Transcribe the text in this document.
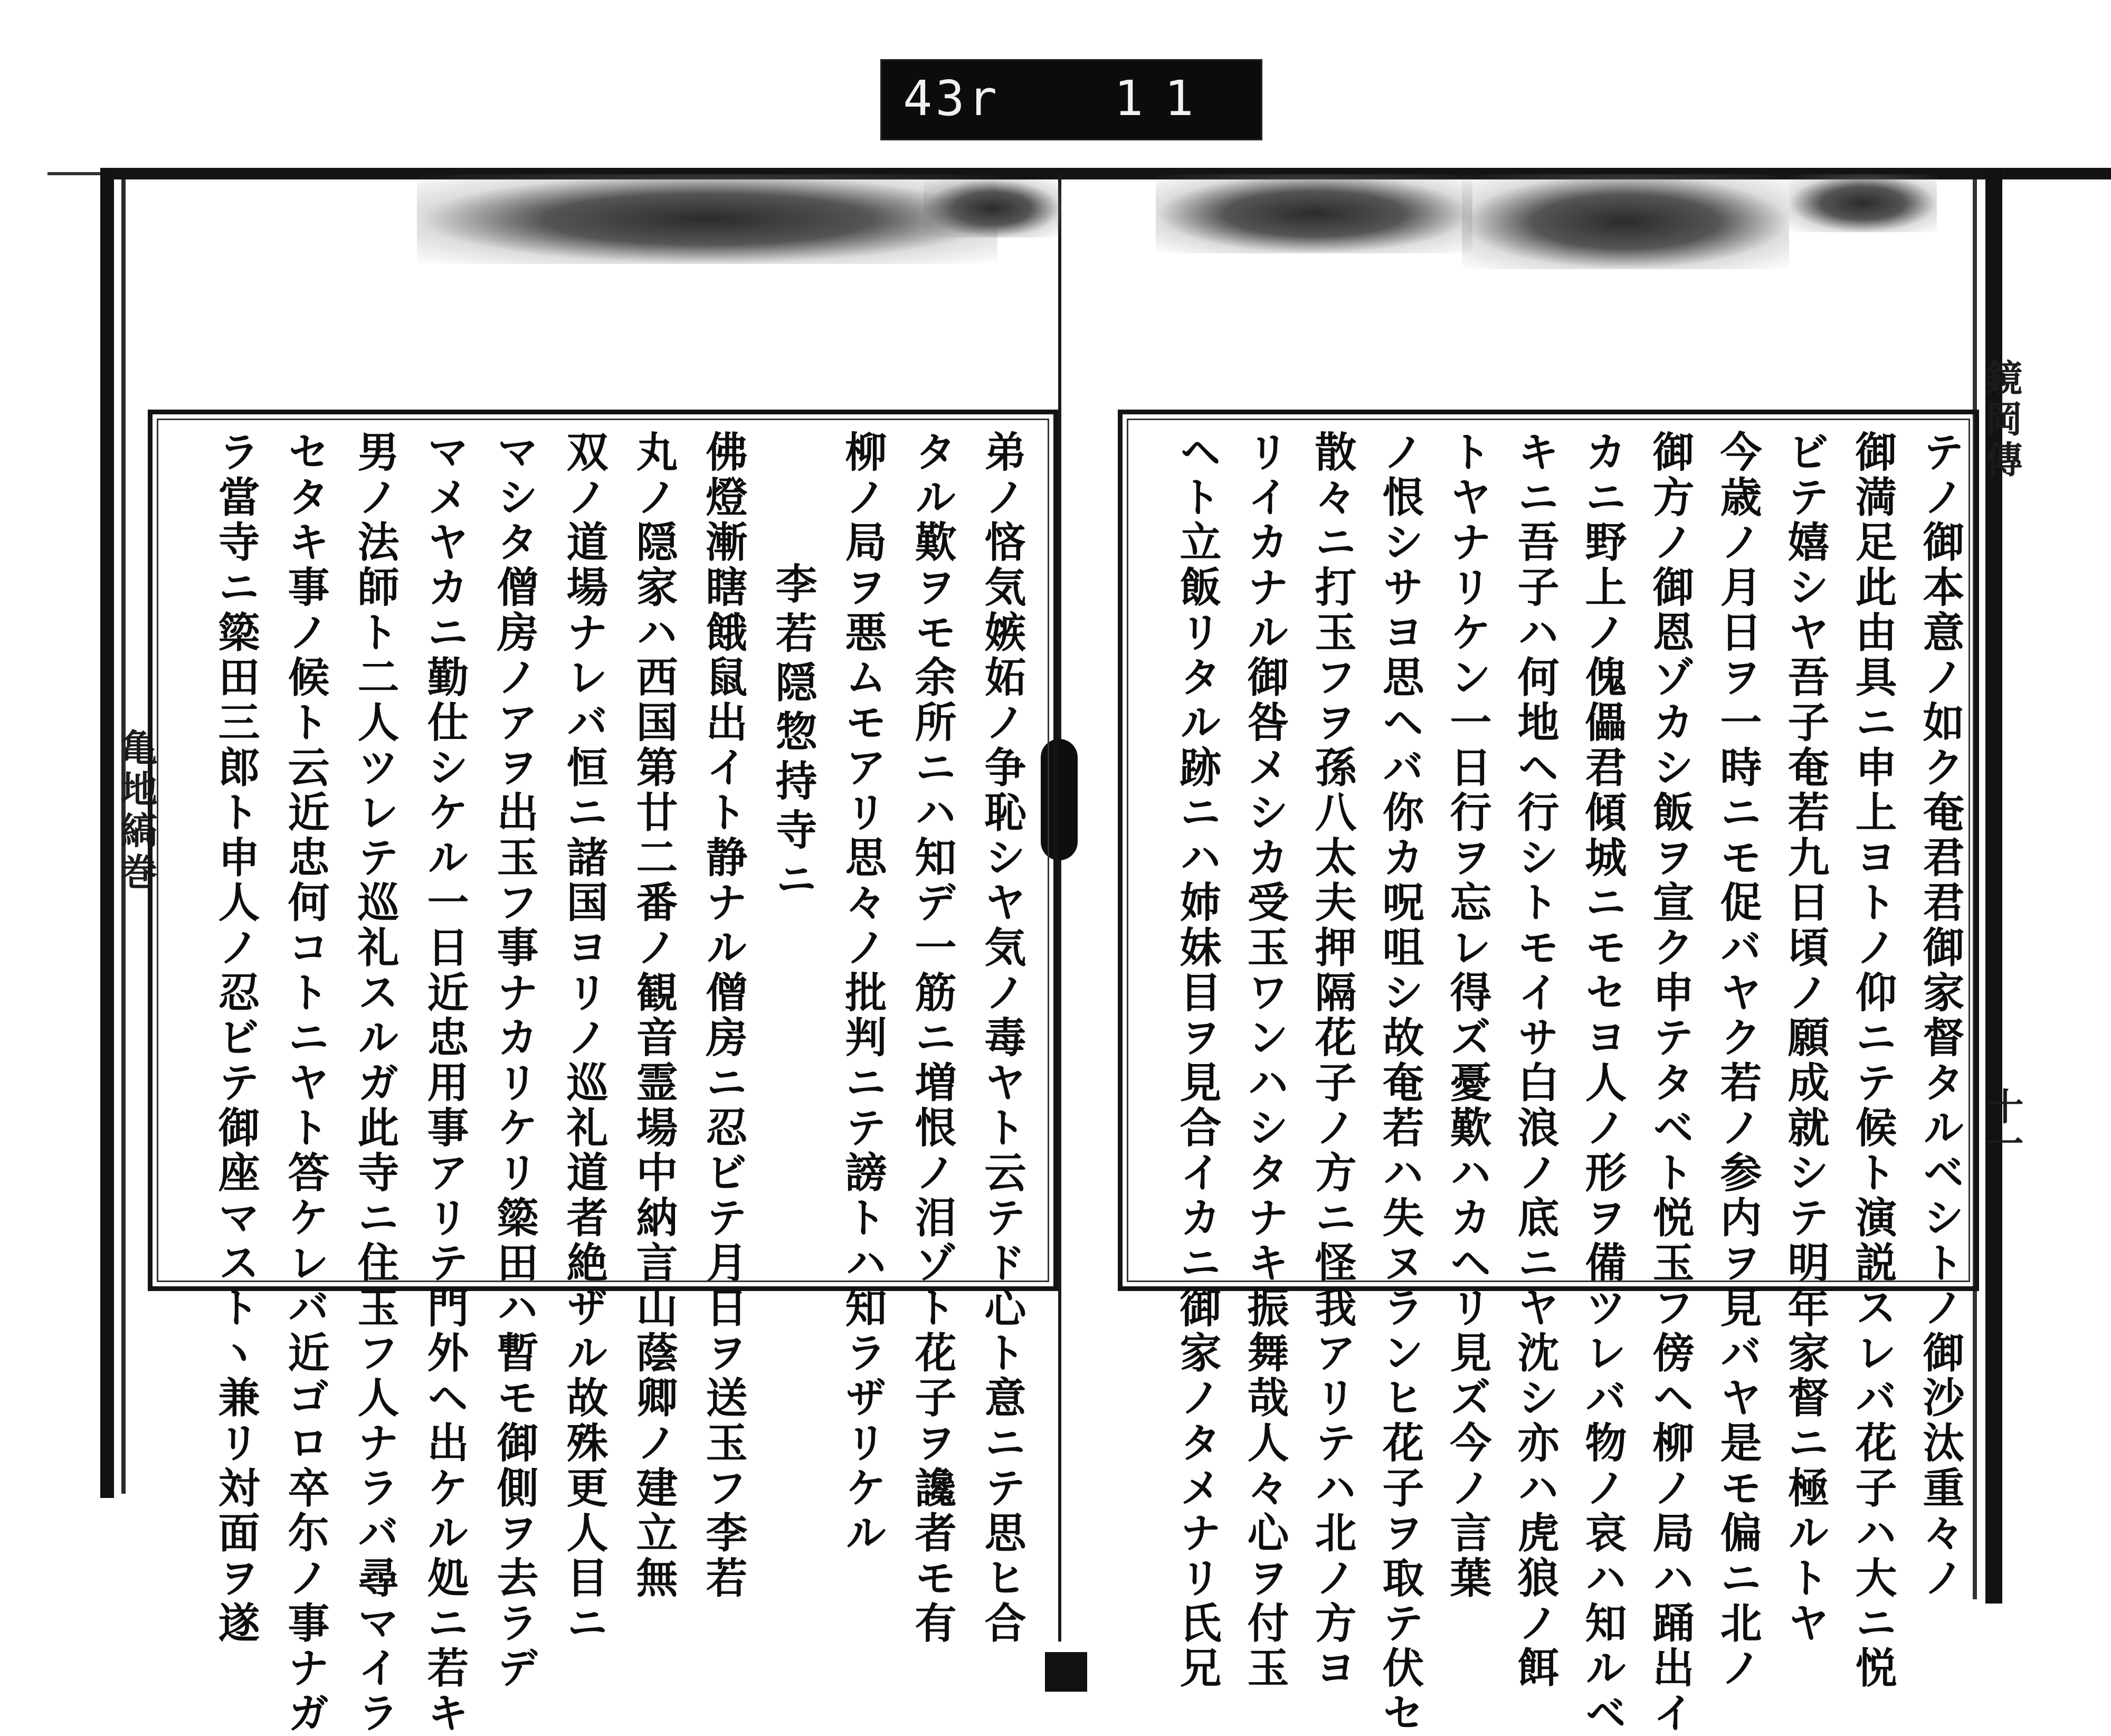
43r 11
亀地縞巻
鏡岡傳
十一
テノ御本意ノ如ク奄君君御家督タルベシトノ御沙汰重々ノ
御満足此由具ニ申上ヨトノ仰ニテ候ト演説スレバ花子ハ大ニ悦
ビテ嬉シヤ吾子奄若九日頃ノ願成就シテ明年家督ニ極ルトヤ
今歳ノ月日ヲ一時ニモ促バヤク若ノ参内ヲ見バヤ是モ偏ニ北ノ
御方ノ御恩ゾカシ飯ヲ宣ク申テタベト悦玉フ傍ヘ柳ノ局ハ踊出イ
カニ野上ノ傀儡君傾城ニモセヨ人ノ形ヲ備ツレバ物ノ哀ハ知ルベ
キニ吾子ハ何地ヘ行シトモイサ白浪ノ底ニヤ沈シ亦ハ虎狼ノ餌
トヤナリケン一日行ヲ忘レ得ズ憂歎ハカヘリ見ズ今ノ言葉
ノ恨シサヨ思ヘバ你カ呪咀シ故奄若ハ失ヌランヒ花子ヲ取テ伏セ
散々ニ打玉フヲ孫八太夫押隔花子ノ方ニ怪我アリテハ北ノ方ヨ
リイカナル御咎メシカ受玉ワンハシタナキ振舞哉人々心ヲ付玉
ヘト立飯リタル跡ニハ姉妹目ヲ見合イカニ御家ノタメナリ氏兄
弟ノ悋気嫉妬ノ争恥シヤ気ノ毒ヤト云テド心ト意ニテ思ヒ合
タル歎ヲモ余所ニハ知デ一筋ニ増恨ノ泪ゾト花子ヲ讒者モ有
柳ノ局ヲ悪ムモアリ思々ノ批判ニテ謗トハ知ラザリケル
李若隠惣持寺ニ
佛燈漸瞎餓鼠出イト静ナル僧房ニ忍ビテ月日ヲ送玉フ李若
丸ノ隠家ハ西国第廿二番ノ観音霊場中納言山蔭卿ノ建立無
双ノ道場ナレバ恒ニ諸国ヨリノ巡礼道者絶ザル故殊更人目ニ
マシタ僧房ノアヲ出玉フ事ナカリケリ簗田ハ暫モ御側ヲ去ラデ
マメヤカニ勤仕シケル一日近忠用事アリテ門外ヘ出ケル処ニ若キ
男ノ法師ト二人ツレテ巡礼スルガ此寺ニ住玉フ人ナラバ尋マイラ
セタキ事ノ候ト云近忠何コトニヤト答ケレバ近ゴロ卒尓ノ事ナガ
ラ當寺ニ簗田三郎ト申人ノ忍ビテ御座マストヽ兼リ対面ヲ遂
